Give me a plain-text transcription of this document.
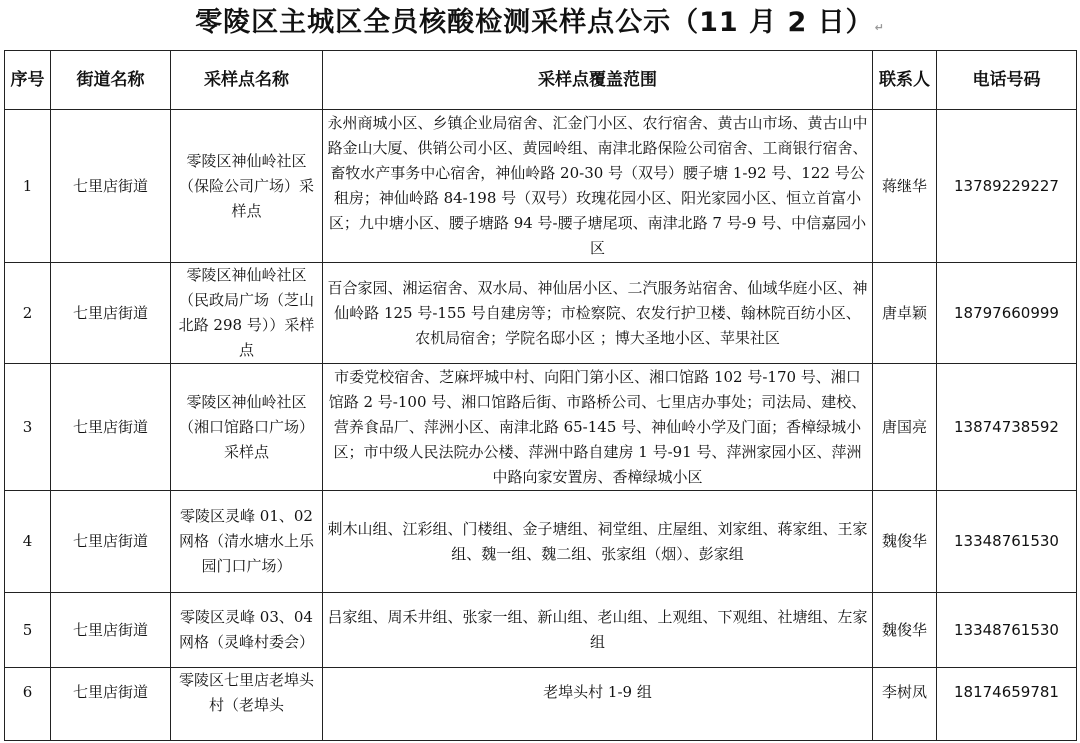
零陵区主城区全员核酸检测采样点公示（11 月 2 日）↵
序号	街道名称	采样点名称	采样点覆盖范围	联系人	电话号码
1	七里店街道	零陵区神仙岭社区（保险公司广场）采样点	永州商城小区、乡镇企业局宿舍、汇金门小区、农行宿舍、黄古山市场、黄古山中路金山大厦、供销公司小区、黄园岭组、南津北路保险公司宿舍、工商银行宿舍、畜牧水产事务中心宿舍，神仙岭路 20-30 号（双号）腰子塘 1-92 号、122 号公租房；神仙岭路 84-198 号（双号）玫瑰花园小区、阳光家园小区、恒立首富小区；九中塘小区、腰子塘路 94 号-腰子塘尾项、南津北路 7 号-9 号、中信嘉园小区	蒋继华	13789229227
2	七里店街道	零陵区神仙岭社区（民政局广场（芝山北路 298 号））采样点	百合家园、湘运宿舍、双水局、神仙居小区、二汽服务站宿舍、仙域华庭小区、神仙岭路 125 号-155 号自建房等；市检察院、农发行护卫楼、翰林院百纺小区、农机局宿舍；学院名邸小区 ；博大圣地小区、苹果社区	唐卓颖	18797660999
3	七里店街道	零陵区神仙岭社区（湘口馆路口广场）采样点	市委党校宿舍、芝麻坪城中村、向阳门第小区、湘口馆路 102 号-170 号、湘口馆路 2 号-100 号、湘口馆路后街、市路桥公司、七里店办事处；司法局、建校、营养食品厂、萍洲小区、南津北路 65-145 号、神仙岭小学及门面；香樟绿城小区；市中级人民法院办公楼、萍洲中路自建房 1 号-91 号、萍洲家园小区、萍洲中路向家安置房、香樟绿城小区	唐国亮	13874738592
4	七里店街道	零陵区灵峰 01、02 网格（清水塘水上乐园门口广场）	刺木山组、江彩组、门楼组、金子塘组、祠堂组、庄屋组、刘家组、蒋家组、王家组、魏一组、魏二组、张家组（烟）、彭家组	魏俊华	13348761530
5	七里店街道	零陵区灵峰 03、04 网格（灵峰村委会）	吕家组、周禾井组、张家一组、新山组、老山组、上观组、下观组、社塘组、左家组	魏俊华	13348761530
6	七里店街道	零陵区七里店老埠头村（老埠头	老埠头村 1-9 组	李树凤	18174659781
